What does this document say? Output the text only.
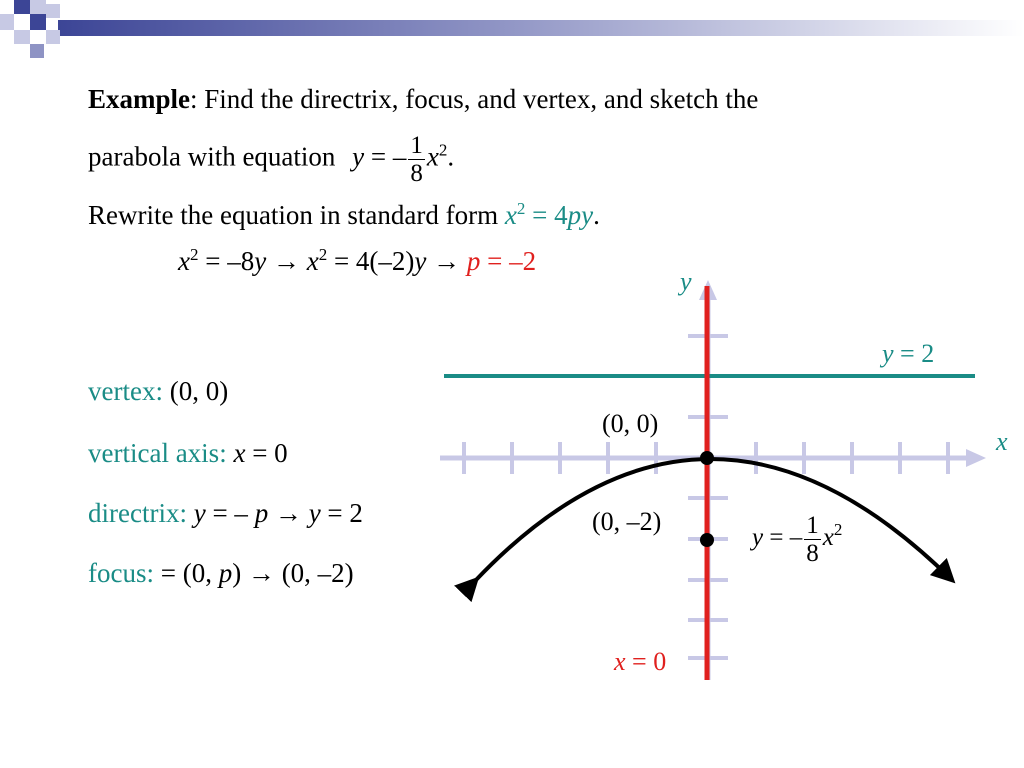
Example: Find the directrix, focus, and vertex, and sketch the
parabola with equation y = – $\frac{1}{8} x^2$.
Rewrite the equation in standard form $x^2 = 4py$.
$x^2 = -8y \to x^2 = 4(-2)y \to p = -2$
vertex: (0, 0)
vertical axis: x = 0
directrix: y = – p → y = 2
focus: = (0, p) → (0, –2)
y
x
y = 2
(0, 0)
(0, –2)
x = 0
y = – $\frac{1}{8} x^2$
